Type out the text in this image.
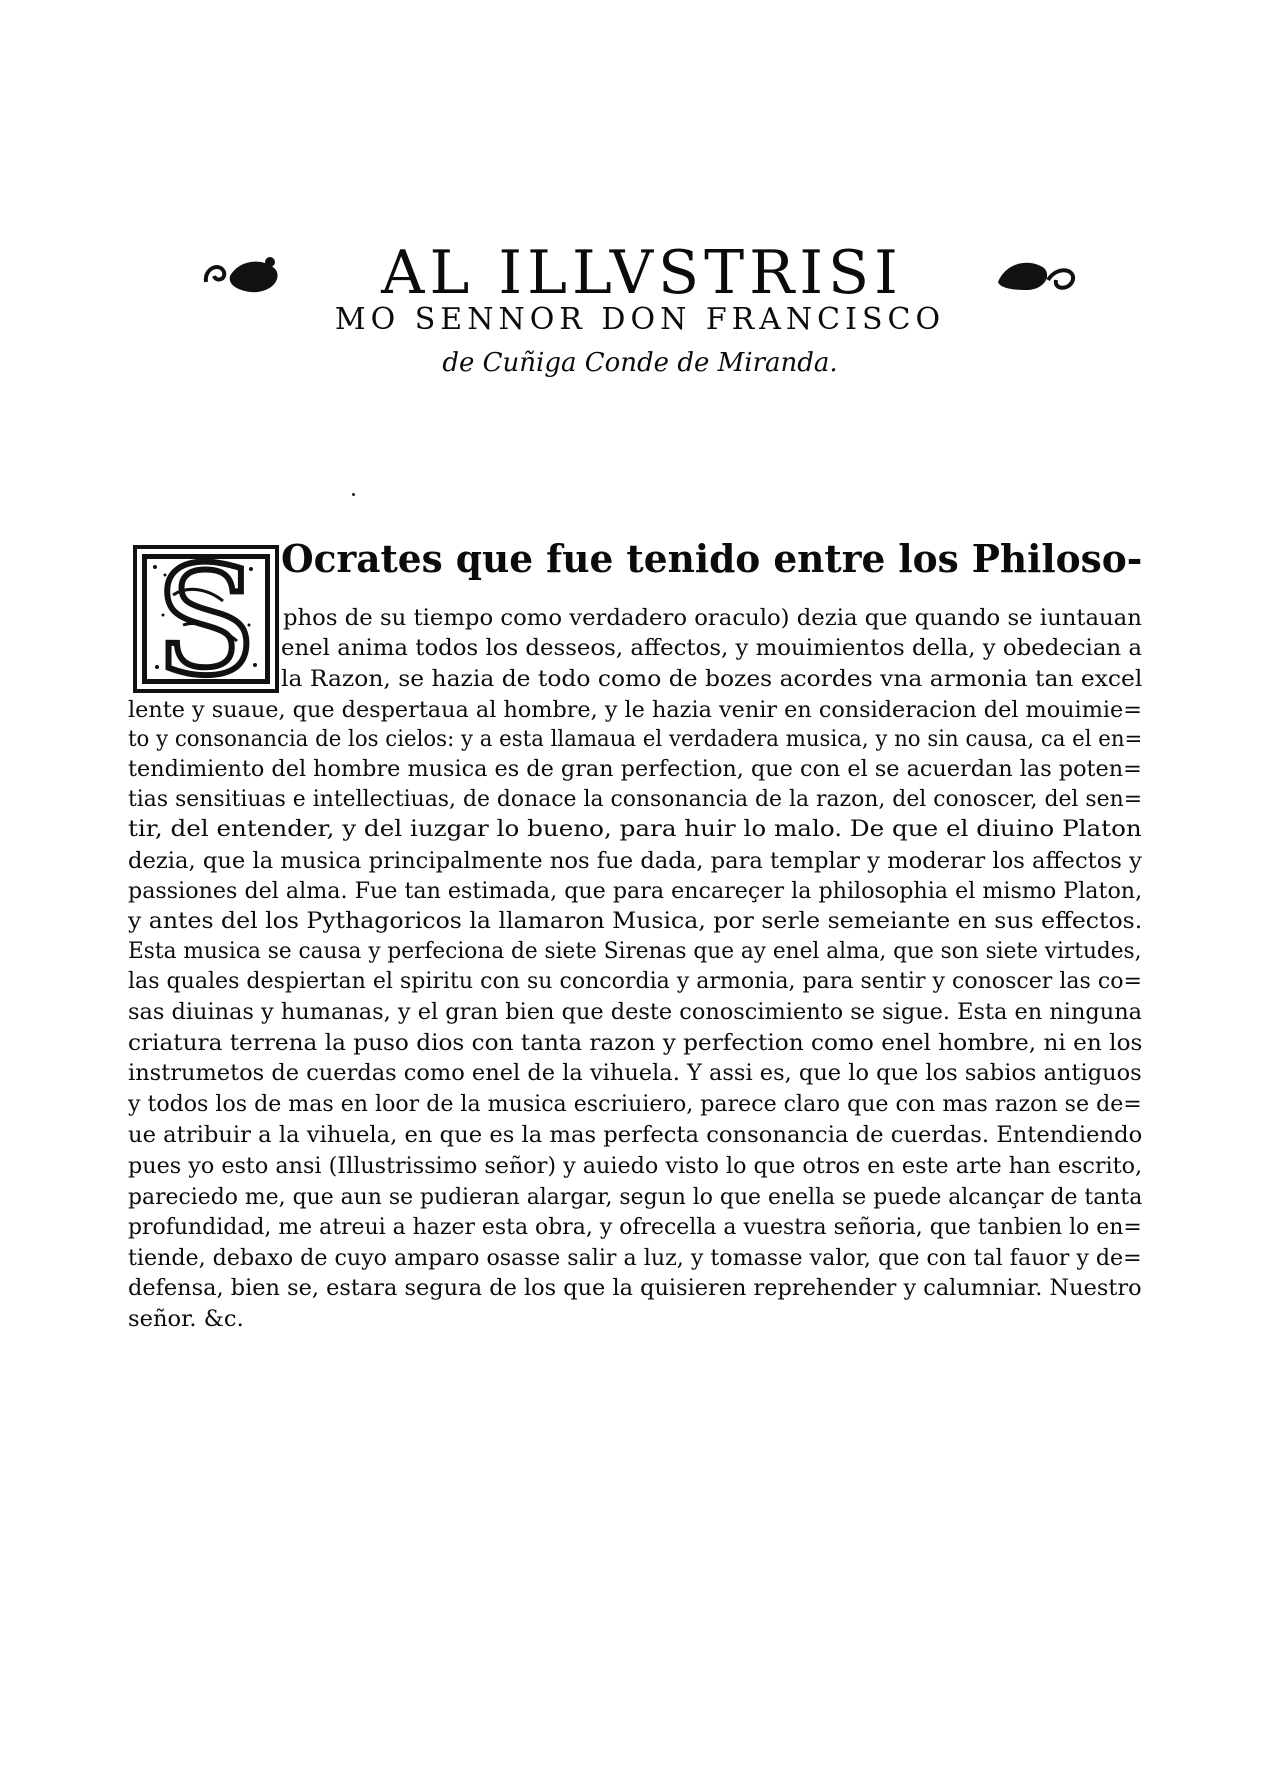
AL ILLVSTRISI
MO SENNOR DON FRANCISCO
de Cuñiga Conde de Miranda.
S Ocrates que fue tenido entre los Philoso-
phos de su tiempo como verdadero oraculo) dezia que quando se iuntauan
enel anima todos los desseos, affectos, y mouimientos della, y obedecian a
la Razon, se hazia de todo como de bozes acordes vna armonia tan excel
lente y suaue, que despertaua al hombre, y le hazia venir en consideracion del mouimie=
to y consonancia de los cielos: y a esta llamaua el verdadera musica, y no sin causa, ca el en=
tendimiento del hombre musica es de gran perfection, que con el se acuerdan las poten=
tias sensitiuas e intellectiuas, de donace la consonancia de la razon, del conoscer, del sen=
tir, del entender, y del iuzgar lo bueno, para huir lo malo. De que el diuino Platon
dezia, que la musica principalmente nos fue dada, para templar y moderar los affectos y
passiones del alma. Fue tan estimada, que para encareçer la philosophia el mismo Platon,
y antes del los Pythagoricos la llamaron Musica, por serle semeiante en sus effectos.
Esta musica se causa y perfeciona de siete Sirenas que ay enel alma, que son siete virtudes,
las quales despiertan el spiritu con su concordia y armonia, para sentir y conoscer las co=
sas diuinas y humanas, y el gran bien que deste conoscimiento se sigue. Esta en ninguna
criatura terrena la puso dios con tanta razon y perfection como enel hombre, ni en los
instrumetos de cuerdas como enel de la vihuela. Y assi es, que lo que los sabios antiguos
y todos los de mas en loor de la musica escriuiero, parece claro que con mas razon se de=
ue atribuir a la vihuela, en que es la mas perfecta consonancia de cuerdas. Entendiendo
pues yo esto ansi (Illustrissimo señor) y auiedo visto lo que otros en este arte han escrito,
pareciedo me, que aun se pudieran alargar, segun lo que enella se puede alcançar de tanta
profundidad, me atreui a hazer esta obra, y ofrecella a vuestra señoria, que tanbien lo en=
tiende, debaxo de cuyo amparo osasse salir a luz, y tomasse valor, que con tal fauor y de=
defensa, bien se, estara segura de los que la quisieren reprehender y calumniar. Nuestro
señor. &c.
